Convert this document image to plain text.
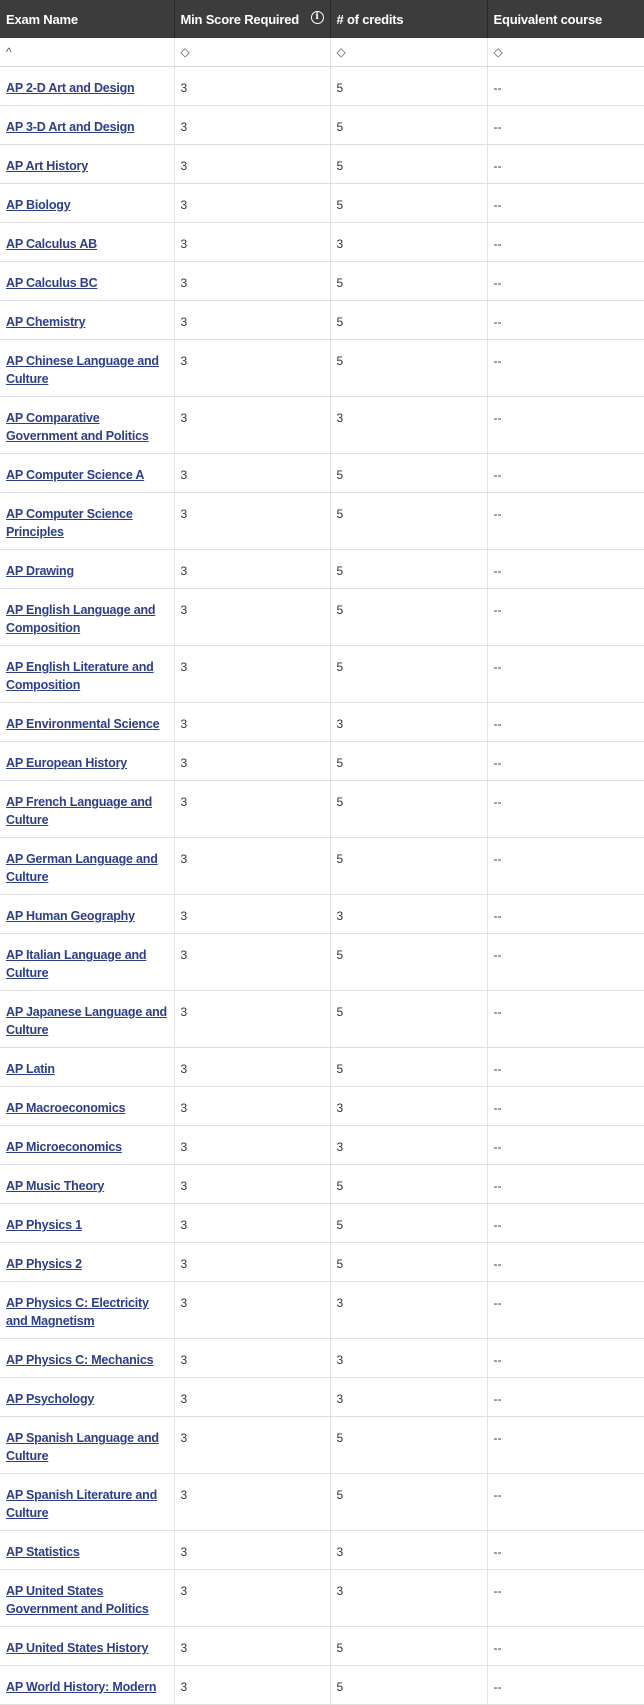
Exam Name	Min Score Required i	# of credits	Equivalent course
^	◇	◇	◇
AP 2-D Art and Design	3	5	--
AP 3-D Art and Design	3	5	--
AP Art History	3	5	--
AP Biology	3	5	--
AP Calculus AB	3	3	--
AP Calculus BC	3	5	--
AP Chemistry	3	5	--
AP Chinese Language and Culture	3	5	--
AP Comparative Government and Politics	3	3	--
AP Computer Science A	3	5	--
AP Computer Science Principles	3	5	--
AP Drawing	3	5	--
AP English Language and Composition	3	5	--
AP English Literature and Composition	3	5	--
AP Environmental Science	3	3	--
AP European History	3	5	--
AP French Language and Culture	3	5	--
AP German Language and Culture	3	5	--
AP Human Geography	3	3	--
AP Italian Language and Culture	3	5	--
AP Japanese Language and Culture	3	5	--
AP Latin	3	5	--
AP Macroeconomics	3	3	--
AP Microeconomics	3	3	--
AP Music Theory	3	5	--
AP Physics 1	3	5	--
AP Physics 2	3	5	--
AP Physics C: Electricity and Magnetism	3	3	--
AP Physics C: Mechanics	3	3	--
AP Psychology	3	3	--
AP Spanish Language and Culture	3	5	--
AP Spanish Literature and Culture	3	5	--
AP Statistics	3	3	--
AP United States Government and Politics	3	3	--
AP United States History	3	5	--
AP World History: Modern	3	5	--
